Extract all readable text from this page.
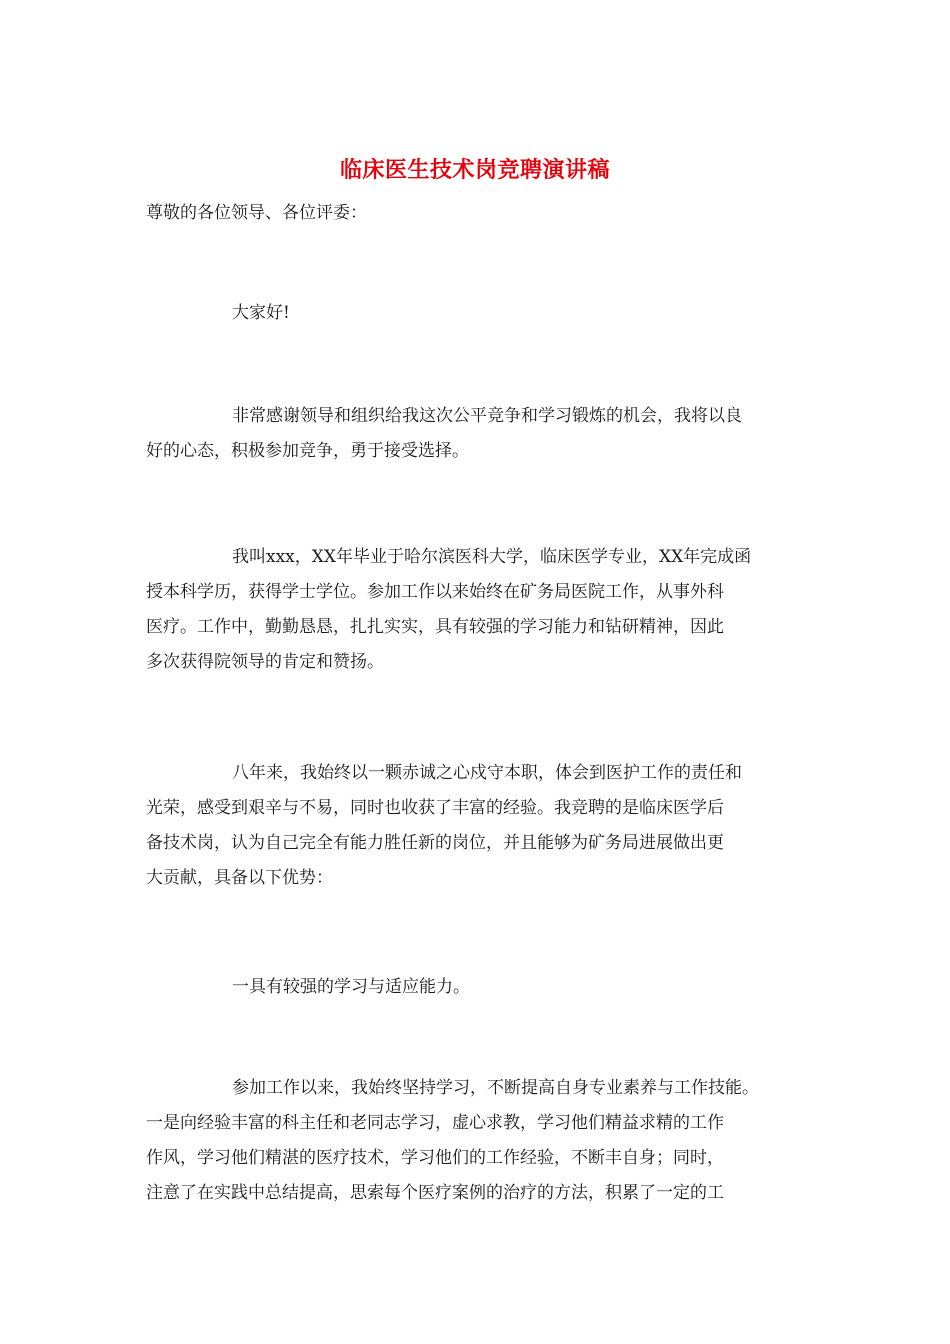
临床医生技术岗竞聘演讲稿
尊敬的各位领导、各位评委：
大家好!
非常感谢领导和组织给我这次公平竞争和学习锻炼的机会，我将以良
好的心态，积极参加竞争，勇于接受选择。
我叫xxx，XX年毕业于哈尔滨医科大学，临床医学专业，XX年完成函
授本科学历，获得学士学位。参加工作以来始终在矿务局医院工作，从事外科
医疗。工作中，勤勤恳恳，扎扎实实，具有较强的学习能力和钻研精神，因此
多次获得院领导的肯定和赞扬。
八年来，我始终以一颗赤诚之心戍守本职，体会到医护工作的责任和
光荣，感受到艰辛与不易，同时也收获了丰富的经验。我竞聘的是临床医学后
备技术岗，认为自己完全有能力胜任新的岗位，并且能够为矿务局进展做出更
大贡献，具备以下优势：
一具有较强的学习与适应能力。
参加工作以来，我始终坚持学习，不断提高自身专业素养与工作技能。
一是向经验丰富的科主任和老同志学习，虚心求教，学习他们精益求精的工作
作风，学习他们精湛的医疗技术，学习他们的工作经验，不断丰自身；同时，
注意了在实践中总结提高，思索每个医疗案例的治疗的方法，积累了一定的工
